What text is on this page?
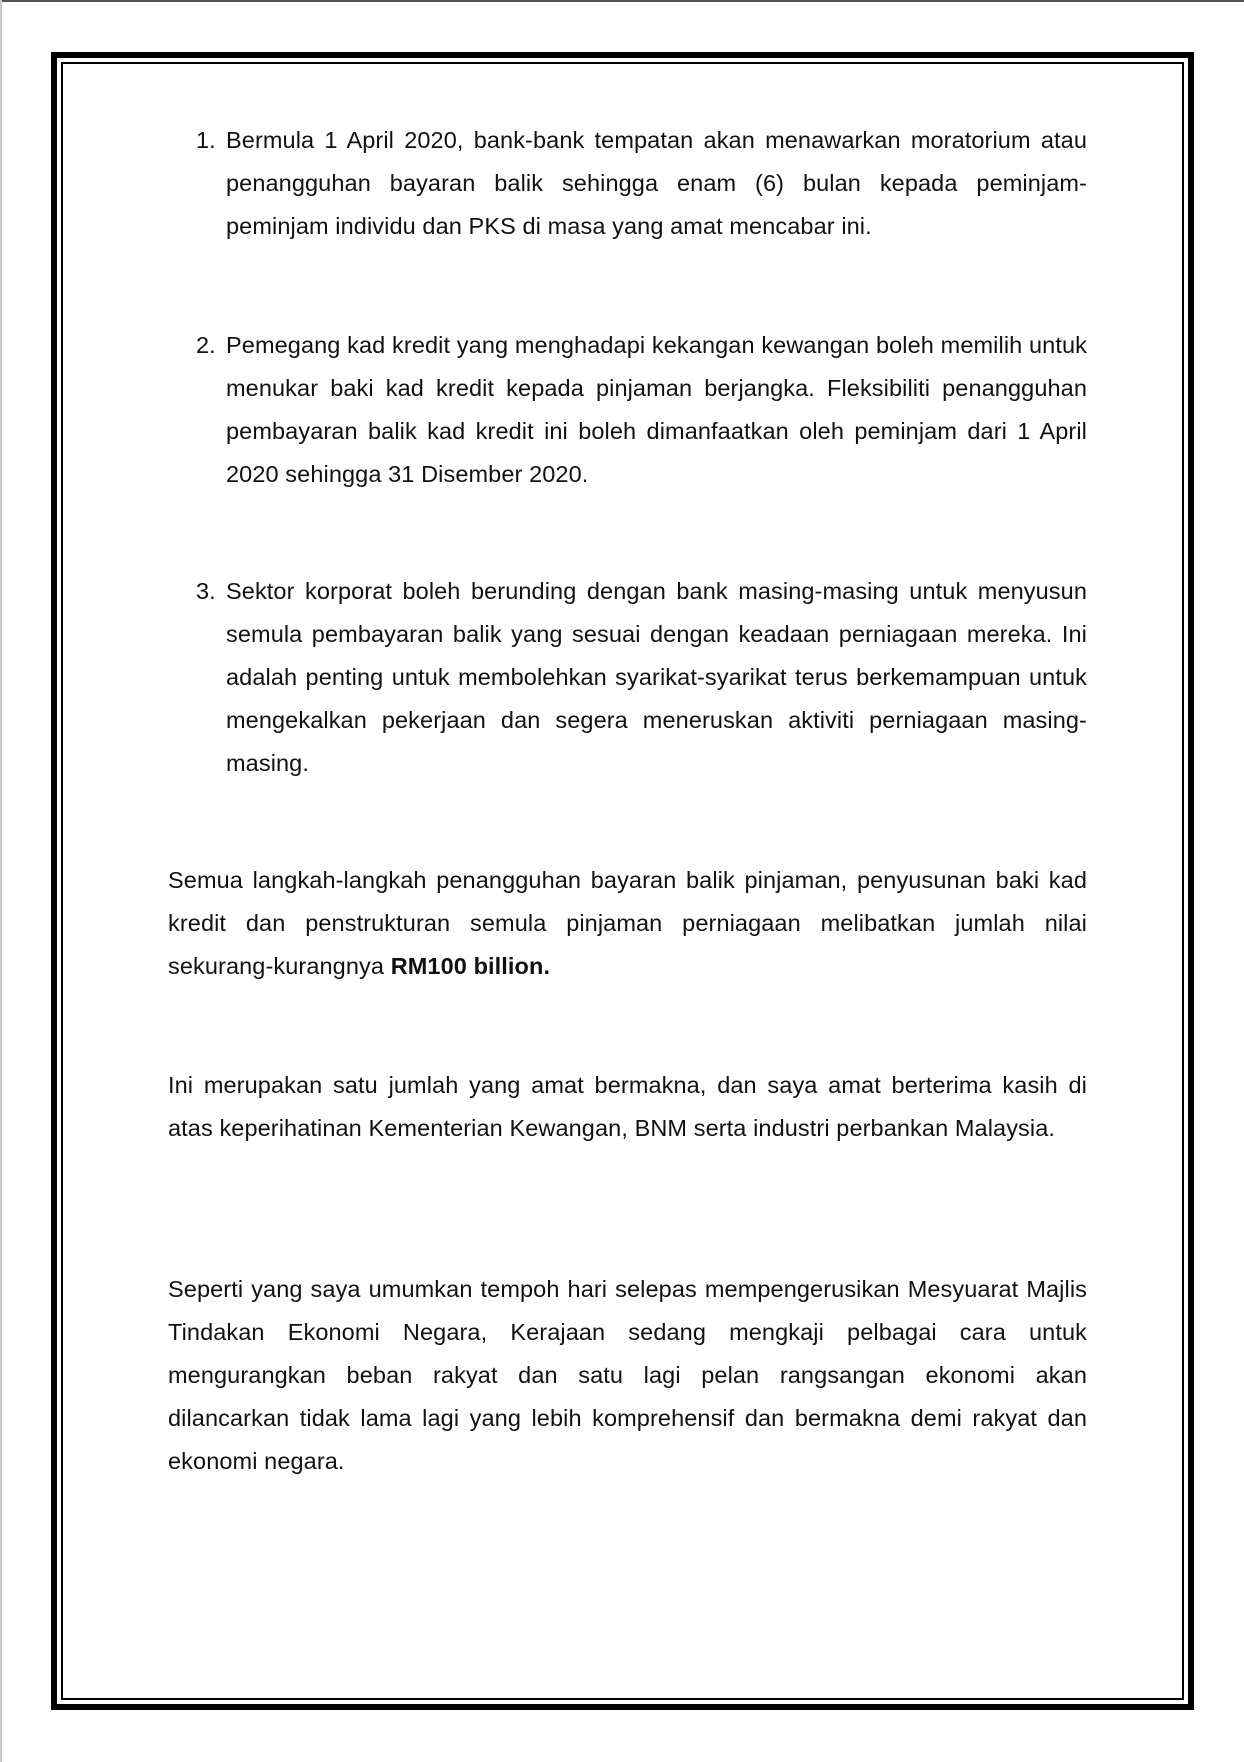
1. Bermula 1 April 2020, bank-bank tempatan akan menawarkan moratorium atau penangguhan bayaran balik sehingga enam (6) bulan kepada peminjam-peminjam individu dan PKS di masa yang amat mencabar ini.
2. Pemegang kad kredit yang menghadapi kekangan kewangan boleh memilih untuk menukar baki kad kredit kepada pinjaman berjangka. Fleksibiliti penangguhan pembayaran balik kad kredit ini boleh dimanfaatkan oleh peminjam dari 1 April 2020 sehingga 31 Disember 2020.
3. Sektor korporat boleh berunding dengan bank masing-masing untuk menyusun semula pembayaran balik yang sesuai dengan keadaan perniagaan mereka. Ini adalah penting untuk membolehkan syarikat-syarikat terus berkemampuan untuk mengekalkan pekerjaan dan segera meneruskan aktiviti perniagaan masing-masing.
Semua langkah-langkah penangguhan bayaran balik pinjaman, penyusunan baki kad kredit dan penstrukturan semula pinjaman perniagaan melibatkan jumlah nilai sekurang-kurangnya RM100 billion.
Ini merupakan satu jumlah yang amat bermakna, dan saya amat berterima kasih di atas keperihatinan Kementerian Kewangan, BNM serta industri perbankan Malaysia.
Seperti yang saya umumkan tempoh hari selepas mempengerusikan Mesyuarat Majlis Tindakan Ekonomi Negara, Kerajaan sedang mengkaji pelbagai cara untuk mengurangkan beban rakyat dan satu lagi pelan rangsangan ekonomi akan dilancarkan tidak lama lagi yang lebih komprehensif dan bermakna demi rakyat dan ekonomi negara.
